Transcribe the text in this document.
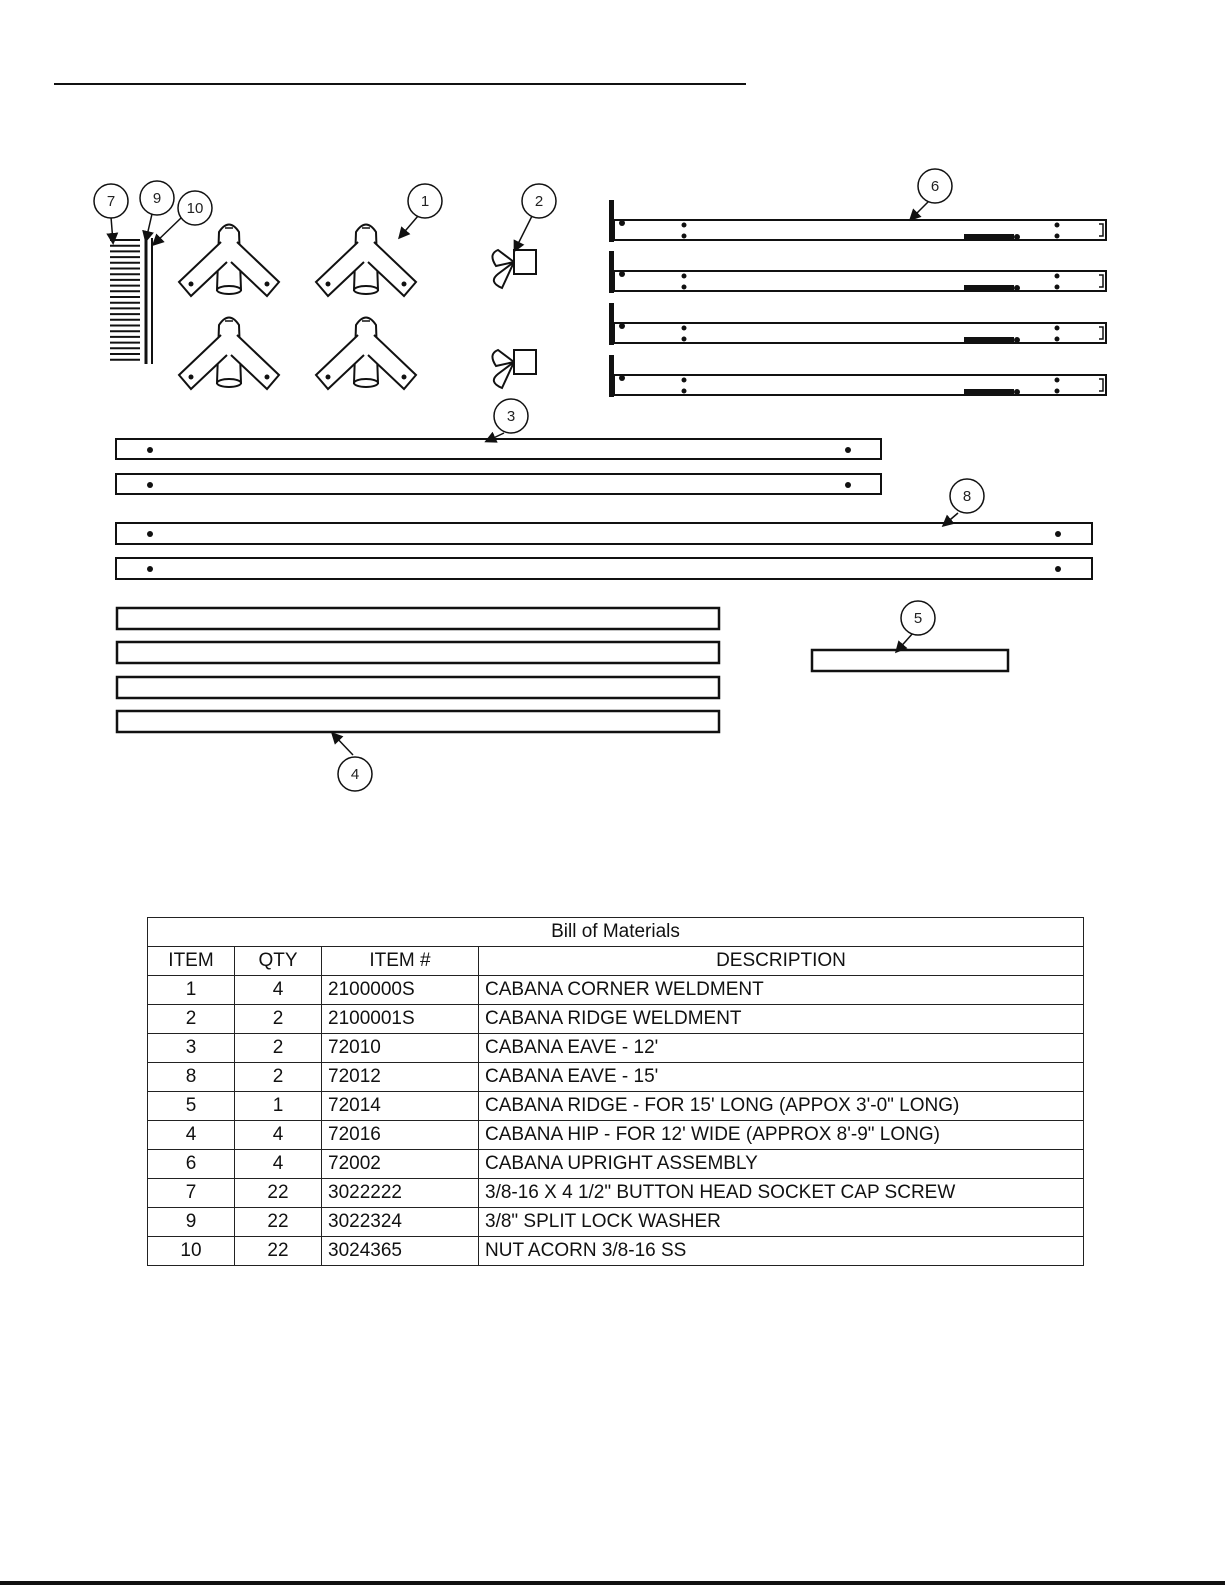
1	2
3
4
5
6
7
8
9
10
Bill of Materials			
ITEM	QTY	ITEM #	DESCRIPTION
1	4	2100000S	CABANA CORNER WELDMENT
2	2	2100001S	CABANA RIDGE WELDMENT
3	2	72010	CABANA EAVE - 12'
8	2	72012	CABANA EAVE - 15'
5	1	72014	CABANA RIDGE - FOR 15' LONG (APPOX 3'-0" LONG)
4	4	72016	CABANA HIP - FOR 12' WIDE (APPROX 8'-9" LONG)
6	4	72002	CABANA UPRIGHT ASSEMBLY
7	22	3022222	3/8-16 X 4 1/2" BUTTON HEAD SOCKET CAP SCREW
9	22	3022324	3/8" SPLIT LOCK WASHER
10	22	3024365	NUT ACORN 3/8-16 SS
